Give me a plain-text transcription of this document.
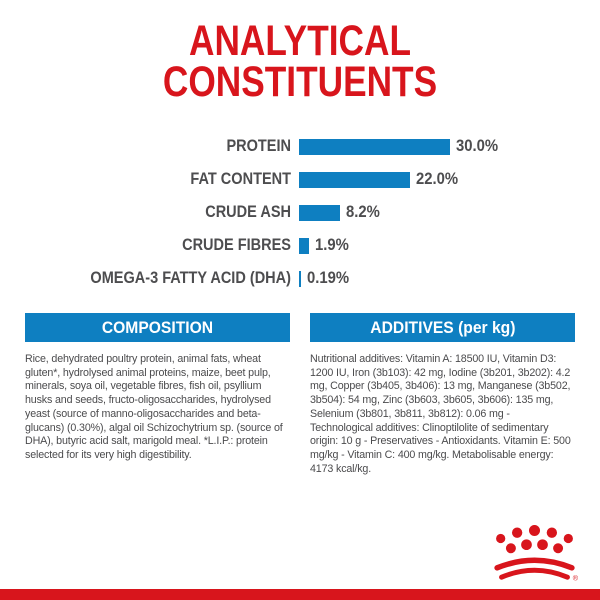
ANALYTICAL
CONSTITUENTS
PROTEIN	30.0%
FAT CONTENT	22.0%
CRUDE ASH	8.2%
CRUDE FIBRES 1.9%
OMEGA-3 FATTY ACID (DHA) 0.19%
COMPOSITION
Rice, dehydrated poultry protein, animal fats, wheat gluten*, hydrolysed animal proteins, maize, beet pulp, minerals, soya oil, vegetable fibres, fish oil, psyllium husks and seeds, fructo-oligosaccharides, hydrolysed yeast (source of manno-oligosaccharides and beta-glucans) (0.30%), algal oil Schizochytrium sp. (source of DHA), butyric acid salt, marigold meal. *L.I.P.: protein selected for its very high digestibility.
ADDITIVES (per kg)
Nutritional additives: Vitamin A: 18500 IU, Vitamin D3: 1200 IU, Iron (3b103): 42 mg, Iodine (3b201, 3b202): 4.2 mg, Copper (3b405, 3b406): 13 mg, Manganese (3b502, 3b504): 54 mg, Zinc (3b603, 3b605, 3b606): 135 mg, Selenium (3b801, 3b811, 3b812): 0.06 mg - Technological additives: Clinoptilolite of sedimentary origin: 10 g - Preservatives - Antioxidants. Vitamin E: 500 mg/kg - Vitamin C: 400 mg/kg. Metabolisable energy: 4173 kcal/kg.
®
